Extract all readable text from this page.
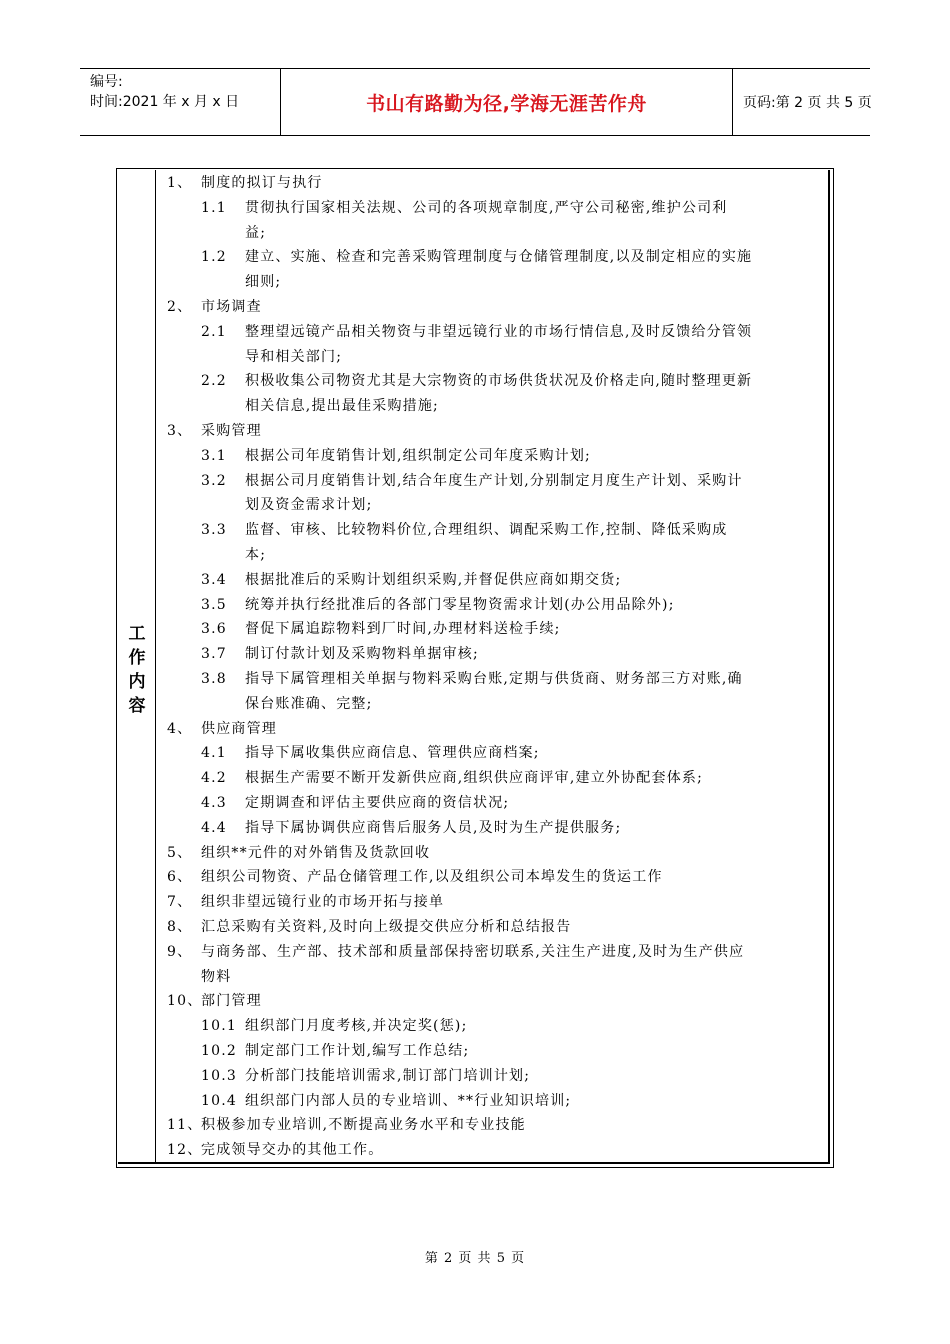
编号:
时间:2021 年 x 月 x 日	书山有路勤为径,学海无涯苦作舟	页码:第 2 页 共 5 页
工
作
内
容
1、 制度的拟订与执行
1.1 贯彻执行国家相关法规、公司的各项规章制度,严守公司秘密,维护公司利
益;
1.2 建立、实施、检查和完善采购管理制度与仓储管理制度,以及制定相应的实施
细则;
2、 市场调查
2.1 整理望远镜产品相关物资与非望远镜行业的市场行情信息,及时反馈给分管领
导和相关部门;
2.2 积极收集公司物资尤其是大宗物资的市场供货状况及价格走向,随时整理更新
相关信息,提出最佳采购措施;
3、 采购管理
3.1 根据公司年度销售计划,组织制定公司年度采购计划;
3.2 根据公司月度销售计划,结合年度生产计划,分别制定月度生产计划、采购计
划及资金需求计划;
3.3 监督、审核、比较物料价位,合理组织、调配采购工作,控制、降低采购成
本;
3.4 根据批准后的采购计划组织采购,并督促供应商如期交货;
3.5 统筹并执行经批准后的各部门零星物资需求计划(办公用品除外);
3.6 督促下属追踪物料到厂时间,办理材料送检手续;
3.7 制订付款计划及采购物料单据审核;
3.8 指导下属管理相关单据与物料采购台账,定期与供货商、财务部三方对账,确
保台账准确、完整;
4、 供应商管理
4.1 指导下属收集供应商信息、管理供应商档案;
4.2 根据生产需要不断开发新供应商,组织供应商评审,建立外协配套体系;
4.3 定期调查和评估主要供应商的资信状况;
4.4 指导下属协调供应商售后服务人员,及时为生产提供服务;
5、 组织**元件的对外销售及货款回收
6、 组织公司物资、产品仓储管理工作,以及组织公司本埠发生的货运工作
7、 组织非望远镜行业的市场开拓与接单
8、 汇总采购有关资料,及时向上级提交供应分析和总结报告
9、 与商务部、生产部、技术部和质量部保持密切联系,关注生产进度,及时为生产供应
物料
10、
部门管理
10.1 组织部门月度考核,并决定奖(惩);
10.2 制定部门工作计划,编写工作总结;
10.3 分析部门技能培训需求,制订部门培训计划;
10.4 组织部门内部人员的专业培训、**行业知识培训;
11、
积极参加专业培训,不断提高业务水平和专业技能
12、
完成领导交办的其他工作。
第 2 页 共 5 页
